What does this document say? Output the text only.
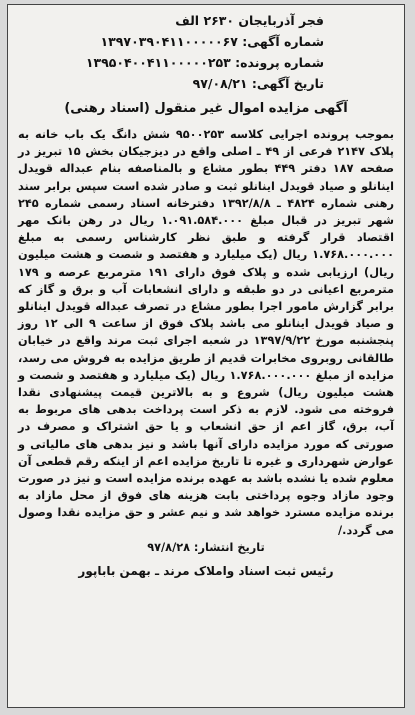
فجر آذربایجان ۲۶۳۰ الف
شماره آگهی: ۱۳۹۷۰۳۹۰۴۱۱۰۰۰۰۰۶۷
شماره پرونده: ۱۳۹۵۰۴۰۰۴۱۱۰۰۰۰۰۲۵۳
تاریخ آگهی: ۹۷/۰۸/۲۱
آگهی مزایده اموال غیر منقول (اسناد رهنی)
بموجب پرونده اجرایی کلاسه ۹۵۰۰۲۵۳ شش دانگ یک باب خانه به پلاک ۲۱۴۷ فرعی از ۴۹ ـ اصلی واقع در دیزجیکان بخش ۱۵ تبریز در صفحه ۱۸۷ دفتر ۴۴۹ بطور مشاع و بالمناصفه بنام عبداله قویدل اینانلو و صیاد قویدل اینانلو ثبت و صادر شده است سپس برابر سند رهنی شماره ۴۸۲۴ ـ ۱۳۹۲/۸/۸ دفترخانه اسناد رسمی شماره ۲۴۵ شهر تبریز در قبال مبلغ ۱.۰۹۱.۵۸۴.۰۰۰ ریال در رهن بانک مهر اقتصاد قرار گرفته و طبق نظر کارشناس رسمی به مبلغ ۱.۷۶۸.۰۰۰.۰۰۰ ریال (یک میلیارد و هفتصد و شصت و هشت میلیون ریال) ارزیابی شده و پلاک فوق دارای ۱۹۱ مترمربع عرصه و ۱۷۹ مترمربع اعیانی در دو طبقه و دارای انشعابات آب و برق و گاز که برابر گزارش مامور اجرا بطور مشاع در تصرف عبداله قویدل اینانلو و صیاد قویدل اینانلو می باشد پلاک فوق از ساعت ۹ الی ۱۲ روز پنجشنبه مورخ ۱۳۹۷/۹/۲۲ در شعبه اجرای ثبت مرند واقع در خیابان طالقانی روبروی مخابرات قدیم از طریق مزایده به فروش می رسد، مزایده از مبلغ ۱.۷۶۸.۰۰۰.۰۰۰ ریال (یک میلیارد و هفتصد و شصت و هشت میلیون ریال) شروع و به بالاترین قیمت پیشنهادی نقدا فروخته می شود. لازم به ذکر است پرداخت بدهی های مربوط به آب، برق، گاز اعم از حق انشعاب و یا حق اشتراک و مصرف در صورتی که مورد مزایده دارای آنها باشد و نیز بدهی های مالیاتی و عوارض شهرداری و غیره تا تاریخ مزایده اعم از اینکه رقم قطعی آن معلوم شده یا نشده باشد به عهده برنده مزایده است و نیز در صورت وجود مازاد وجوه پرداختی بابت هزینه های فوق از محل مازاد به برنده مزایده مسترد خواهد شد و نیم عشر و حق مزایده نقدا وصول می گردد./
تاریخ انتشار: ۹۷/۸/۲۸
رئیس ثبت اسناد واملاک مرند ـ بهمن باباپور
